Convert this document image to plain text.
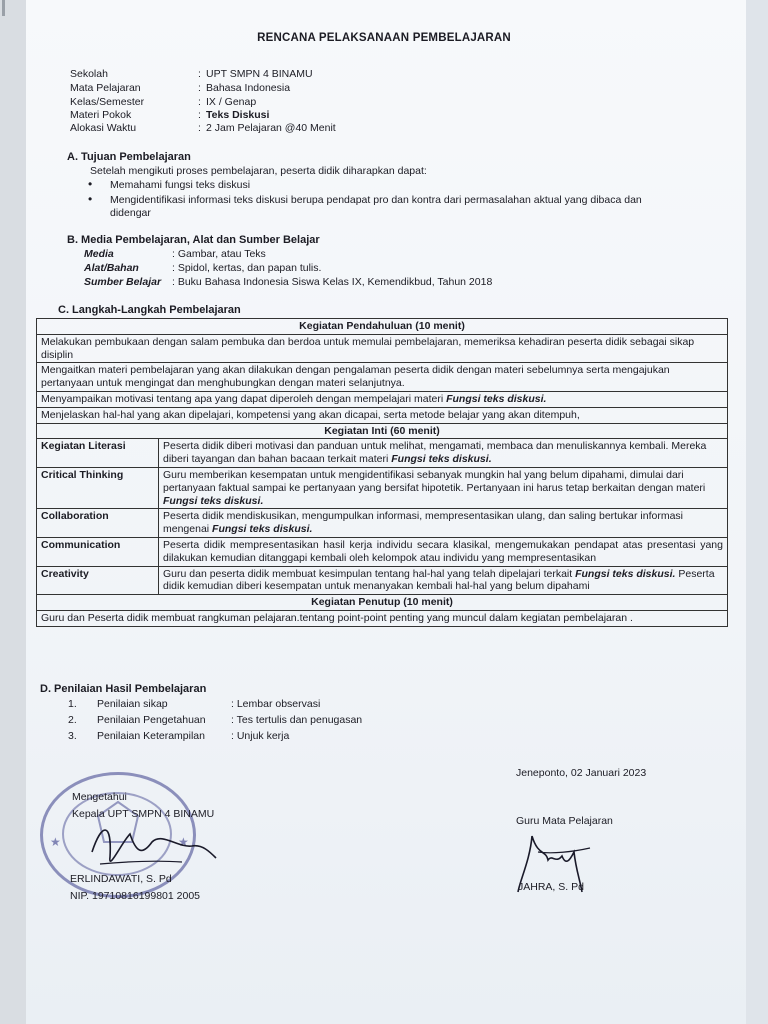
RENCANA PELAKSANAAN PEMBELAJARAN
Sekolah	: UPT SMPN 4 BINAMU
Mata Pelajaran	: Bahasa Indonesia
Kelas/Semester	: IX / Genap
Materi Pokok	: Teks Diskusi
Alokasi Waktu	: 2 Jam Pelajaran @40 Menit
A. Tujuan Pembelajaran
Setelah mengikuti proses pembelajaran, peserta didik diharapkan dapat:
• Memahami fungsi teks diskusi
• Mengidentifikasi informasi teks diskusi berupa pendapat pro dan kontra dari permasalahan aktual yang dibaca dan
didengar
B. Media Pembelajaran, Alat dan Sumber Belajar
Media	: Gambar, atau Teks
Alat/Bahan	: Spidol, kertas, dan papan tulis.
Sumber Belajar : Buku Bahasa Indonesia Siswa Kelas IX, Kemendikbud, Tahun 2018
C. Langkah-Langkah Pembelajaran
Kegiatan Pendahuluan (10 menit)	
Melakukan pembukaan dengan salam pembuka dan berdoa untuk memulai pembelajaran, memeriksa kehadiran peserta didik sebagai sikap disiplin	
Mengaitkan materi pembelajaran yang akan dilakukan dengan pengalaman peserta didik dengan materi sebelumnya serta mengajukan pertanyaan untuk mengingat dan menghubungkan dengan materi selanjutnya.	
Menyampaikan motivasi tentang apa yang dapat diperoleh dengan mempelajari materi Fungsi teks diskusi.	
Menjelaskan hal-hal yang akan dipelajari, kompetensi yang akan dicapai, serta metode belajar yang akan ditempuh,	
Kegiatan Inti (60 menit)	
Kegiatan Literasi	Peserta didik diberi motivasi dan panduan untuk melihat, mengamati, membaca dan menuliskannya kembali. Mereka diberi tayangan dan bahan bacaan terkait materi Fungsi teks diskusi.
Critical Thinking	Guru memberikan kesempatan untuk mengidentifikasi sebanyak mungkin hal yang belum dipahami, dimulai dari pertanyaan faktual sampai ke pertanyaan yang bersifat hipotetik. Pertanyaan ini harus tetap berkaitan dengan materi Fungsi teks diskusi.
Collaboration	Peserta didik mendiskusikan, mengumpulkan informasi, mempresentasikan ulang, dan saling bertukar informasi mengenai Fungsi teks diskusi.
Communication	Peserta didik mempresentasikan hasil kerja individu secara klasikal, mengemukakan pendapat atas presentasi yang dilakukan kemudian ditanggapi kembali oleh kelompok atau individu yang mempresentasikan
Creativity	Guru dan peserta didik membuat kesimpulan tentang hal-hal yang telah dipelajari terkait Fungsi teks diskusi. Peserta didik kemudian diberi kesempatan untuk menanyakan kembali hal-hal yang belum dipahami
Kegiatan Penutup (10 menit)	
Guru dan Peserta didik membuat rangkuman pelajaran.tentang point-point penting yang muncul dalam kegiatan pembelajaran .	
D. Penilaian Hasil Pembelajaran
1. Penilaian sikap	: Lembar observasi
2. Penilaian Pengetahuan : Tes tertulis dan penugasan
3. Penilaian Keterampilan : Unjuk kerja
Jeneponto, 02 Januari 2023
★	★
Mengetahui
Kepala UPT SMPN 4 BINAMU
ERLINDAWATI, S. Pd
NIP. 19710816199801 2005
Guru Mata Pelajaran
JAHRA, S. Pd
